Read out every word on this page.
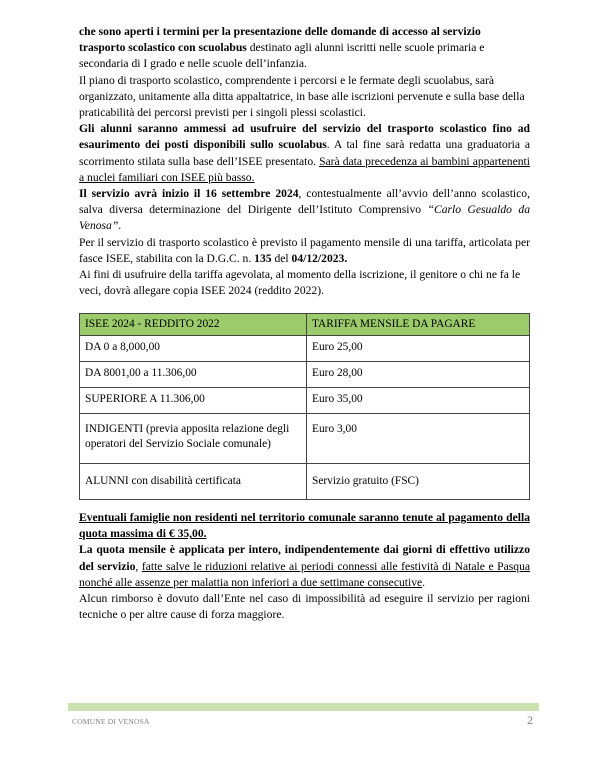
che sono aperti i termini per la presentazione delle domande di accesso al servizio trasporto scolastico con scuolabus destinato agli alunni iscritti nelle scuole primaria e secondaria di I grado e nelle scuole dell’infanzia.

Il piano di trasporto scolastico, comprendente i percorsi e le fermate degli scuolabus, sarà organizzato, unitamente alla ditta appaltatrice, in base alle iscrizioni pervenute e sulla base della praticabilità dei percorsi previsti per i singoli plessi scolastici.

Gli alunni saranno ammessi ad usufruire del servizio del trasporto scolastico fino ad esaurimento dei posti disponibili sullo scuolabus. A tal fine sarà redatta una graduatoria a scorrimento stilata sulla base dell’ISEE presentato. Sarà data precedenza ai bambini appartenenti a nuclei familiari con ISEE più basso.

Il servizio avrà inizio il 16 settembre 2024, contestualmente all’avvio dell’anno scolastico, salva diversa determinazione del Dirigente dell’Istituto Comprensivo “Carlo Gesualdo da Venosa”.

Per il servizio di trasporto scolastico è previsto il pagamento mensile di una tariffa, articolata per fasce ISEE, stabilita con la D.G.C. n. 135 del 04/12/2023.

Ai fini di usufruire della tariffa agevolata, al momento della iscrizione, il genitore o chi ne fa le veci, dovrà allegare copia ISEE 2024 (reddito 2022).

ISEE 2024 - REDDITO 2022	TARIFFA MENSILE DA PAGARE
DA 0 a 8,000,00	Euro 25,00
DA 8001,00 a 11.306,00	Euro 28,00
SUPERIORE A 11.306,00	Euro 35,00
INDIGENTI (previa apposita relazione degli operatori del Servizio Sociale comunale)	Euro 3,00
ALUNNI con disabilità certificata	Servizio gratuito (FSC)

Eventuali famiglie non residenti nel territorio comunale saranno tenute al pagamento della quota massima di € 35,00.

La quota mensile è applicata per intero, indipendentemente dai giorni di effettivo utilizzo del servizio, fatte salve le riduzioni relative ai periodi connessi alle festività di Natale e Pasqua nonché alle assenze per malattia non inferiori a due settimane consecutive.

Alcun rimborso è dovuto dall’Ente nel caso di impossibilità ad eseguire il servizio per ragioni tecniche o per altre cause di forza maggiore.

COMUNE DI VENOSA	2
